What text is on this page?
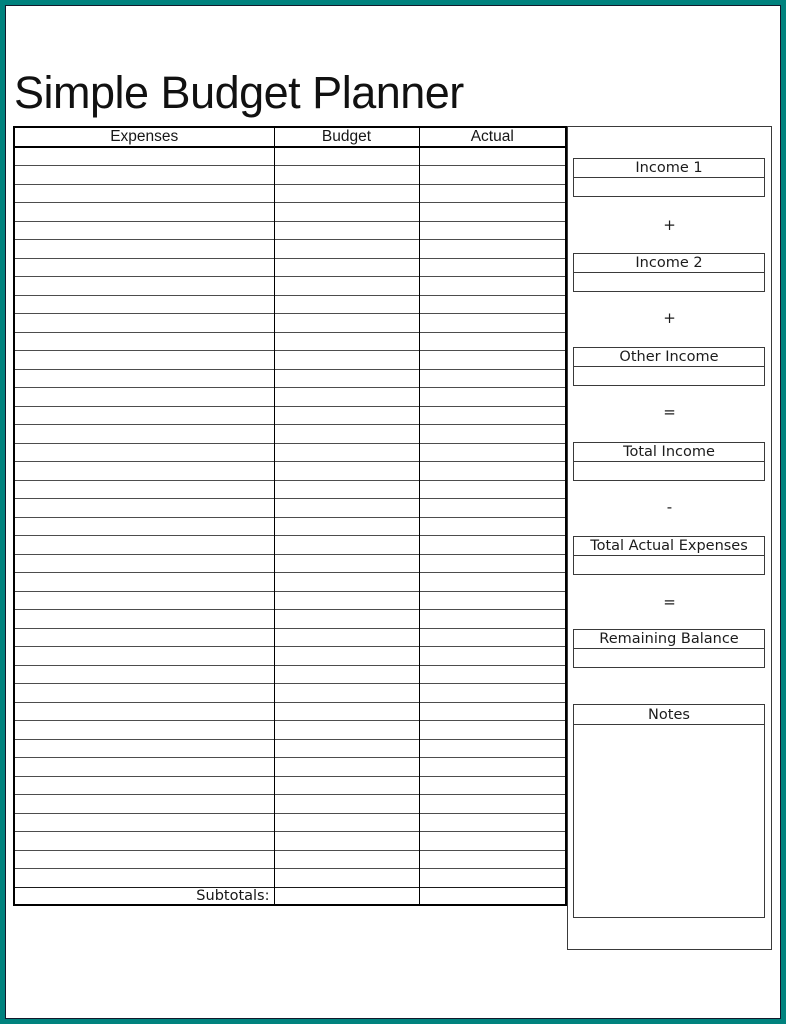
Simple Budget Planner
Expenses	Budget	Actual

Subtotals:		
Notes
Income 1
+
Income 2
+
Other Income
=
Total Income
-
Total Actual Expenses
=
Remaining Balance
